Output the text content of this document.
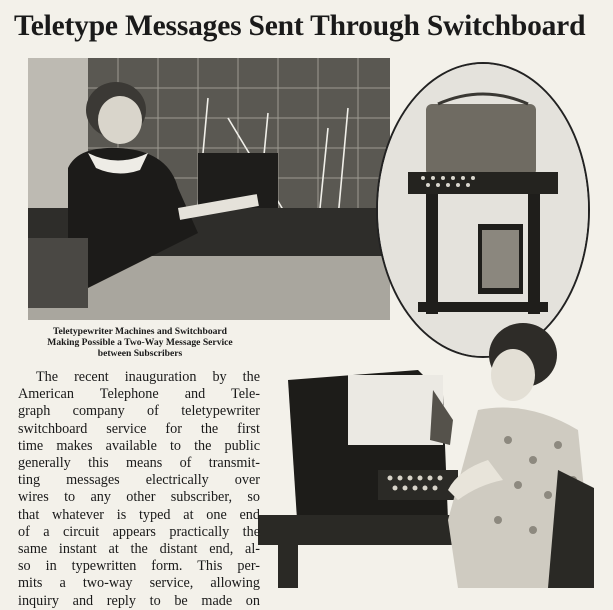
Teletype Messages Sent Through Switchboard
Teletypewriter Machines and Switchboard
Making Possible a Two-Way Message Service
between Subscribers
The recent inauguration by the
American Telephone and Tele-
graph company of teletypewriter
switchboard service for the first
time makes available to the public
generally this means of transmit-
ting messages electrically over
wires to any other subscriber, so
that whatever is typed at one end
of a circuit appears practically the
same instant at the distant end, al-
so in typewritten form. This per-
mits a two-way service, allowing
inquiry and reply to be made on
